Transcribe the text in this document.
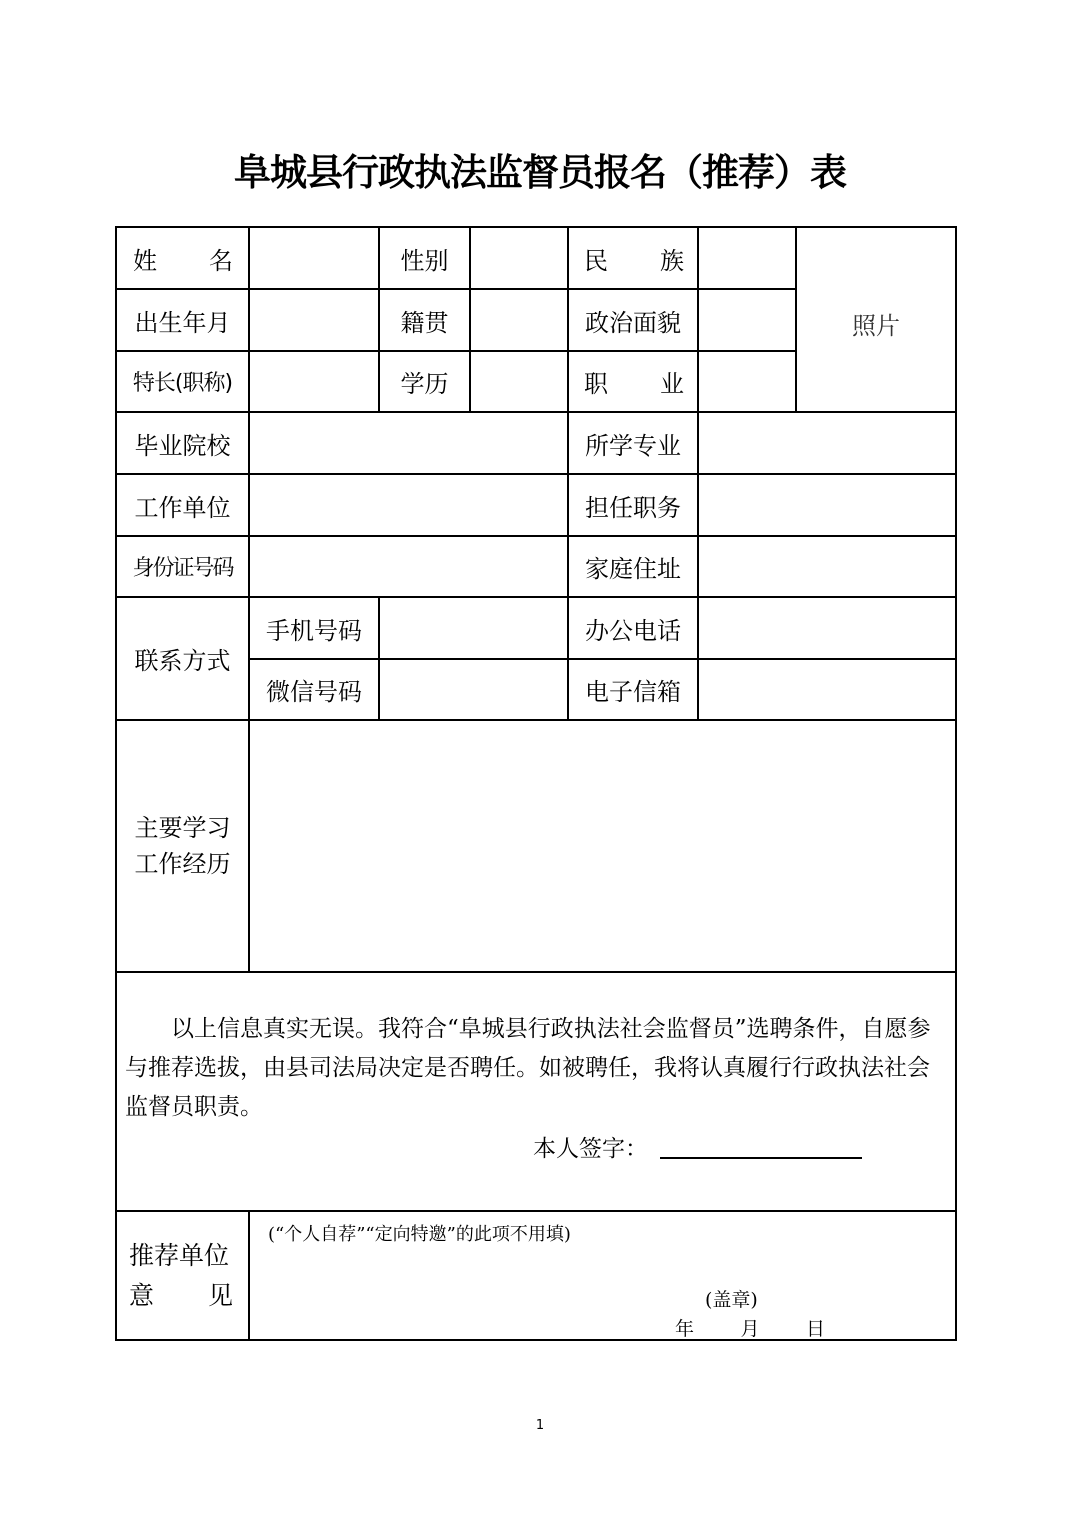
阜城县行政执法监督员报名（推荐）表
姓 名	性别	民 族
照片
出生年月	籍贯	政治面貌
特长(职称)	学历	职 业
毕业院校	所学专业
工作单位	担任职务
身份证号码	家庭住址
联系方式
手机号码	办公电话
微信号码	电子信箱
主要学习
工作经历

以上信息真实无误。我符合“阜城县行政执法社会监督员”选聘条件，自愿参与推荐选拔，由县司法局决定是否聘任。如被聘任，我将认真履行行政执法社会监督员职责。

本人签字：
推荐单位
意 见
(“个人自荐”“定向特邀”的此项不用填)
(盖章)
年 月 日
1
